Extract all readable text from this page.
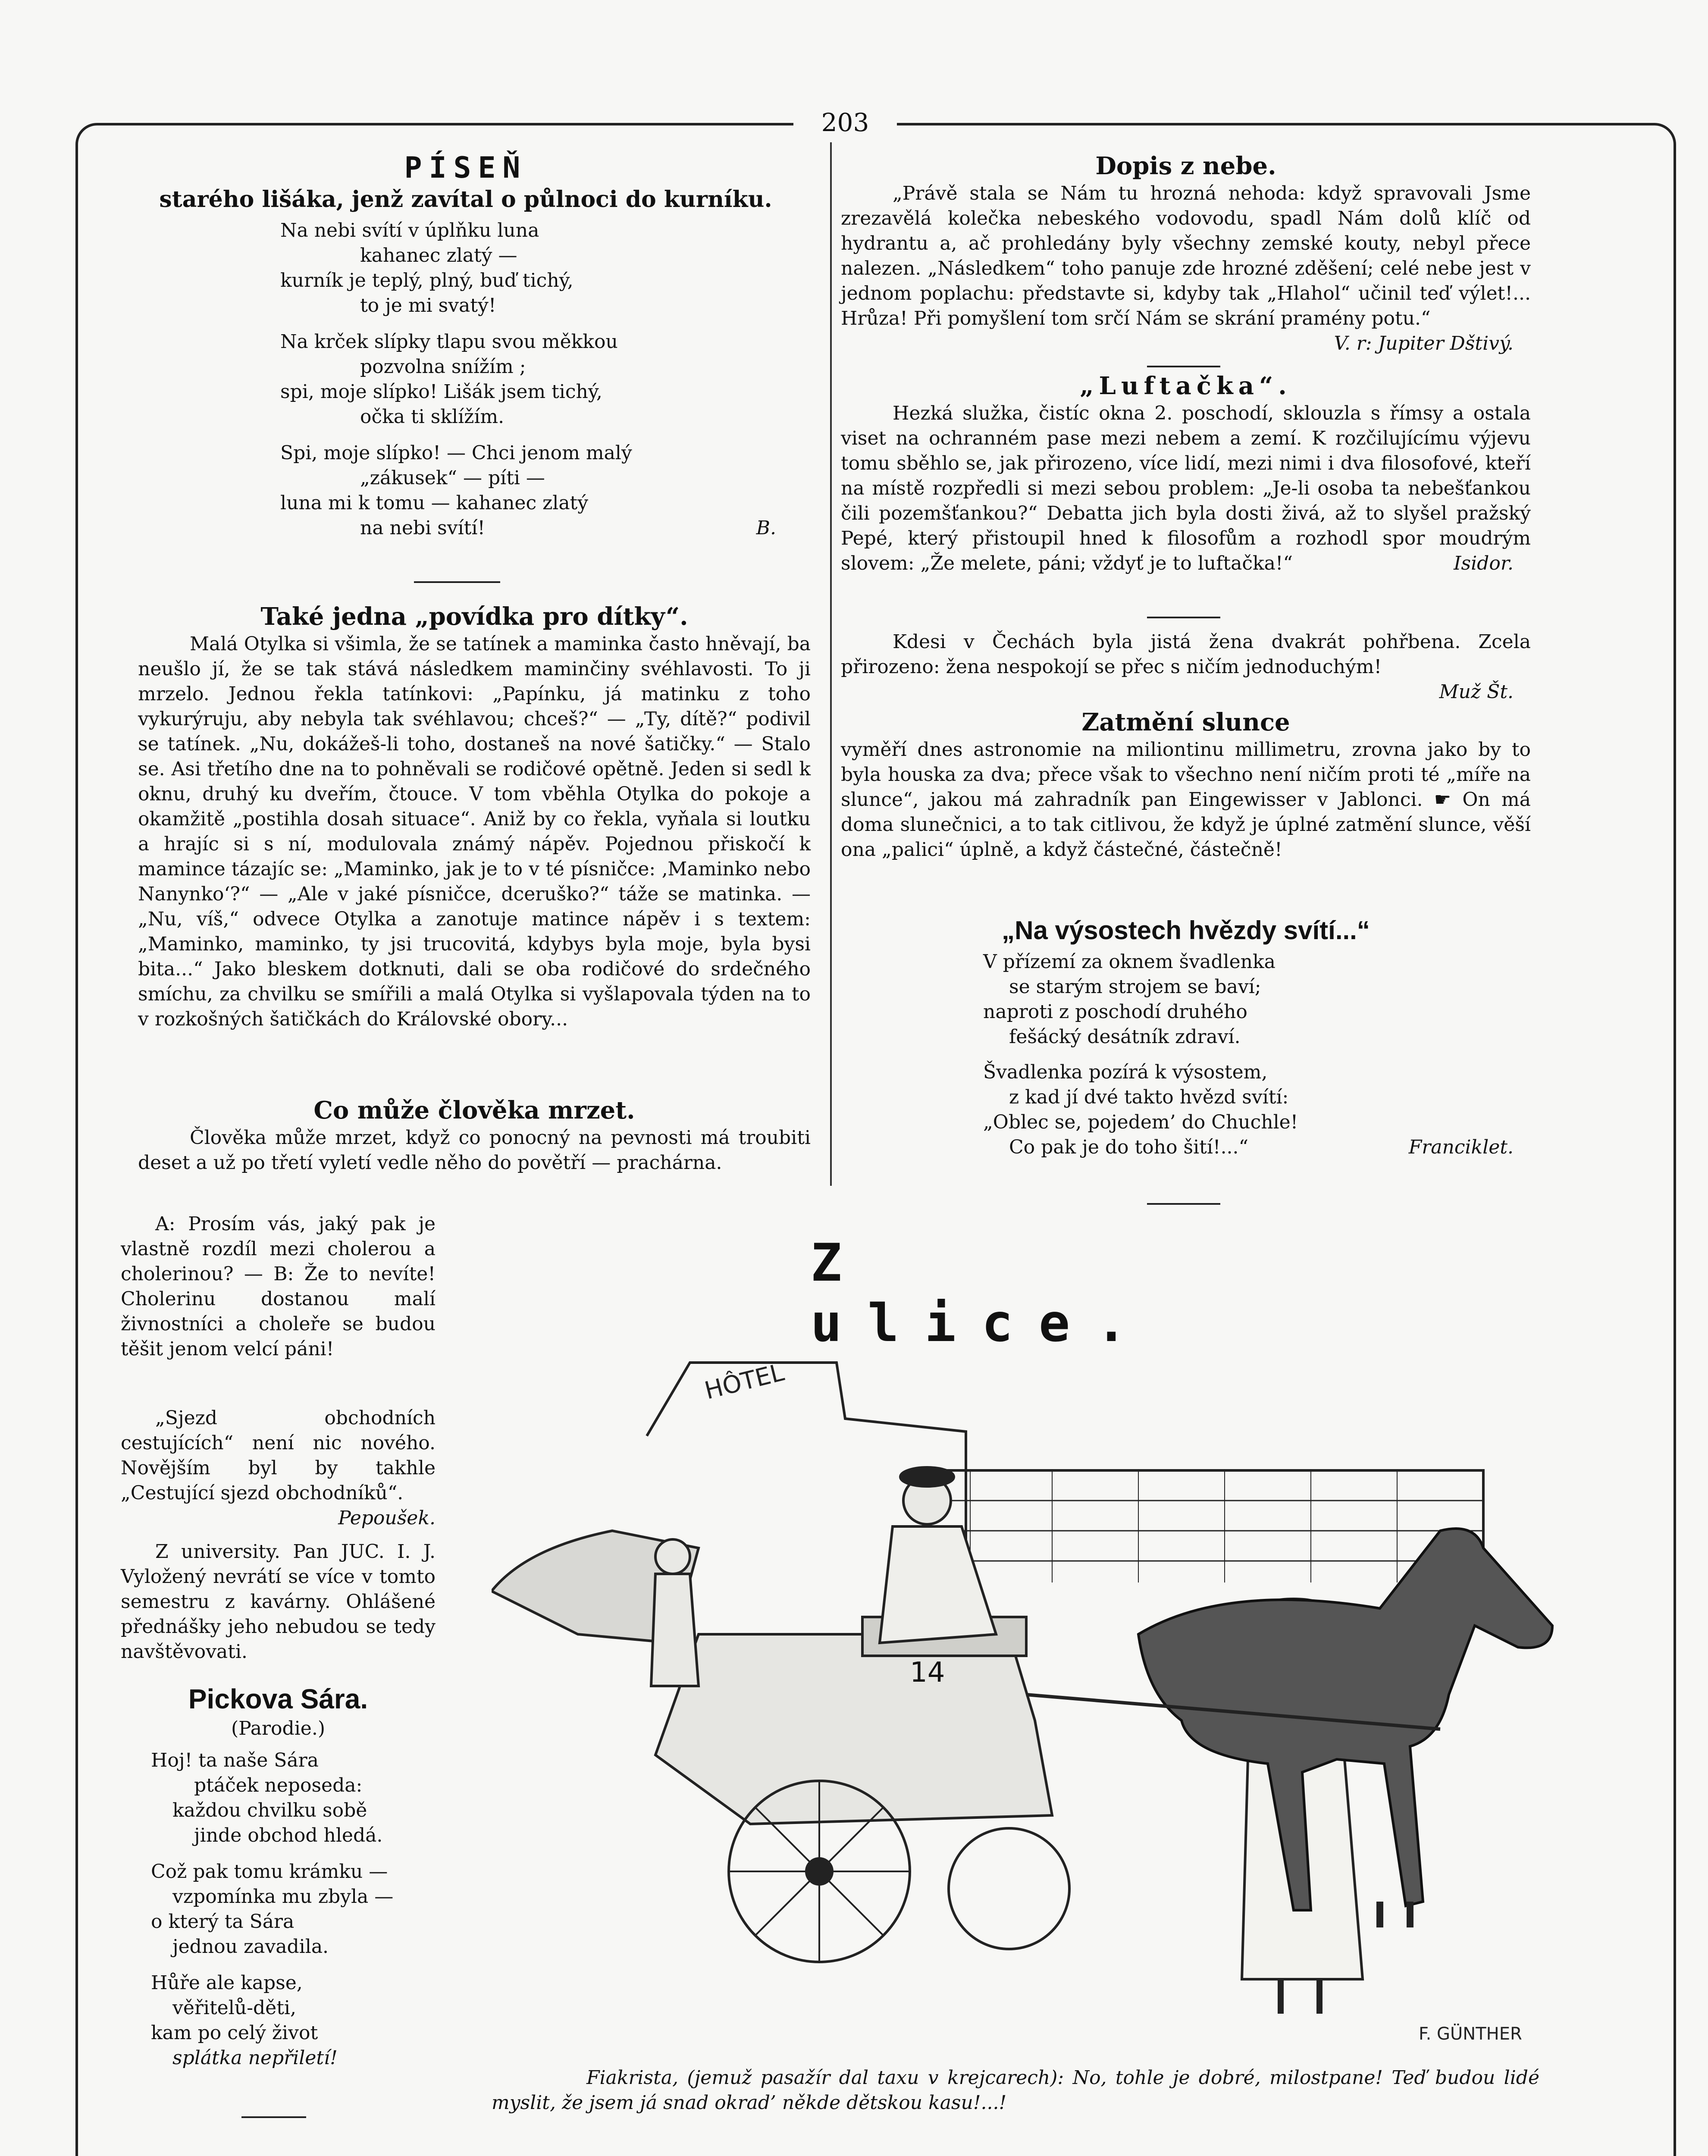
203
PÍSEŇ
starého lišáka, jenž zavítal o půlnoci do kurníku.
Na nebi svítí v úplňku luna
kahanec zlatý —
kurník je teplý, plný, buď tichý,
to je mi svatý!
Na krček slípky tlapu svou měkkou
pozvolna snížím ;
spi, moje slípko! Lišák jsem tichý,
očka ti sklížím.
Spi, moje slípko! — Chci jenom malý
„zákusek“ — píti —
luna mi k tomu — kahanec zlatý
na nebi svítí!	B.
Také jedna „povídka pro dítky“.

Malá Otylka si všimla, že se tatínek a maminka často hněvají, ba neušlo jí, že se tak stává následkem maminčiny svéhlavosti. To ji mrzelo. Jednou řekla tatínkovi: „Papínku, já matinku z toho vykurýruju, aby nebyla tak svéhlavou; chceš?“ — „Ty, dítě?“ podivil se tatínek. „Nu, dokážeš-li toho, dostaneš na nové šatičky.“ — Stalo se. Asi třetího dne na to pohněvali se rodičové opětně. Jeden si sedl k oknu, druhý ku dveřím, čtouce. V tom vběhla Otylka do pokoje a okamžitě „postihla dosah situace“. Aniž by co řekla, vyňala si loutku a hrajíc si s ní, modulovala známý nápěv. Pojednou přiskočí k mamince tázajíc se: „Maminko, jak je to v té písničce: ‚Maminko nebo Nanynko‘?“ — „Ale v jaké písničce, dceruško?“ táže se matinka. — „Nu, víš,“ odvece Otylka a zanotuje matince nápěv i s textem: „Maminko, maminko, ty jsi trucovitá, kdybys byla moje, byla bysi bita...“ Jako bleskem dotknuti, dali se oba rodičové do srdečného smíchu, za chvilku se smířili a malá Otylka si vyšlapovala týden na to v rozkošných šatičkách do Královské obory...

Co může člověka mrzet.

Člověka může mrzet, když co ponocný na pevnosti má troubiti deset a už po třetí vyletí vedle něho do povětří — prachárna.

A: Prosím vás, jaký pak je vlastně rozdíl mezi cholerou a cholerinou? — B: Že to nevíte! Cholerinu dostanou malí živnostníci a choleře se budou těšit jenom velcí páni!

„Sjezd obchodních cestujících“ není nic nového. Novějším byl by takhle „Cestující sjezd obchodníků“.

Pepoušek.

Z university. Pan JUC. I. J. Vyložený nevrátí se více v tomto semestru z kavárny. Ohlášené přednášky jeho nebudou se tedy navštěvovati.

Pickova Sára.
(Parodie.)
Hoj! ta naše Sára
ptáček neposeda:
každou chvilku sobě
jinde obchod hledá.
Což pak tomu krámku —
vzpomínka mu zbyla —
o který ta Sára
jednou zavadila.
Hůře ale kapse,
věřitelů-děti,
kam po celý život
splátka nepřiletí!
Dopis z nebe.

„Právě stala se Nám tu hrozná nehoda: když spravovali Jsme zrezavělá kolečka nebeského vodovodu, spadl Nám dolů klíč od hydrantu a, ač prohledány byly všechny zemské kouty, nebyl přece nalezen. „Následkem“ toho panuje zde hrozné zděšení; celé nebe jest v jednom poplachu: představte si, kdyby tak „Hlahol“ učinil teď výlet!... Hrůza! Při pomyšlení tom srčí Nám se skrání pramény potu.“

V. r: Jupiter Dštivý.
„Luftačka“.

Hezká služka, čistíc okna 2. poschodí, sklouzla s římsy a ostala viset na ochranném pase mezi nebem a zemí. K rozčilujícímu výjevu tomu sběhlo se, jak přirozeno, více lidí, mezi nimi i dva filosofové, kteří na místě rozpředli si mezi sebou problem: „Je-li osoba ta nebešťankou čili pozemšťankou?“ Debatta jich byla dosti živá, až to slyšel pražský Pepé, který přistoupil hned k filosofům a rozhodl spor moudrým slovem: „Že melete, páni; vždyť je to luftačka!“	Isidor.

Kdesi v Čechách byla jistá žena dvakrát pohřbena. Zcela přirozeno: žena nespokojí se přec s ničím jednoduchým!

Muž Št.
Zatmění slunce

vyměří dnes astronomie na miliontinu millimetru, zrovna jako by to byla houska za dva; přece však to všechno není ničím proti té „míře na slunce“, jakou má zahradník pan Eingewisser v Jablonci. ☛ On má doma slunečnici, a to tak citlivou, že když je úplné zatmění slunce, věší ona „palici“ úplně, a když částečné, částečně!

„Na výsostech hvězdy svítí...“
V přízemí za oknem švadlenka
se starým strojem se baví;
naproti z poschodí druhého
fešácký desátník zdraví.
Švadlenka pozírá k výsostem,
z kad jí dvé takto hvězd svítí:
„Oblec se, pojedem’ do Chuchle!
Co pak je do toho šití!...“	Franciklet.
Z ulice.
HÔTEL
14
F. GÜNTHER

Fiakrista, (jemuž pasažír dal taxu v krejcarech): No, tohle je dobré, milostpane! Teď budou lidé myslit, že jsem já snad okrad’ někde dětskou kasu!...!
